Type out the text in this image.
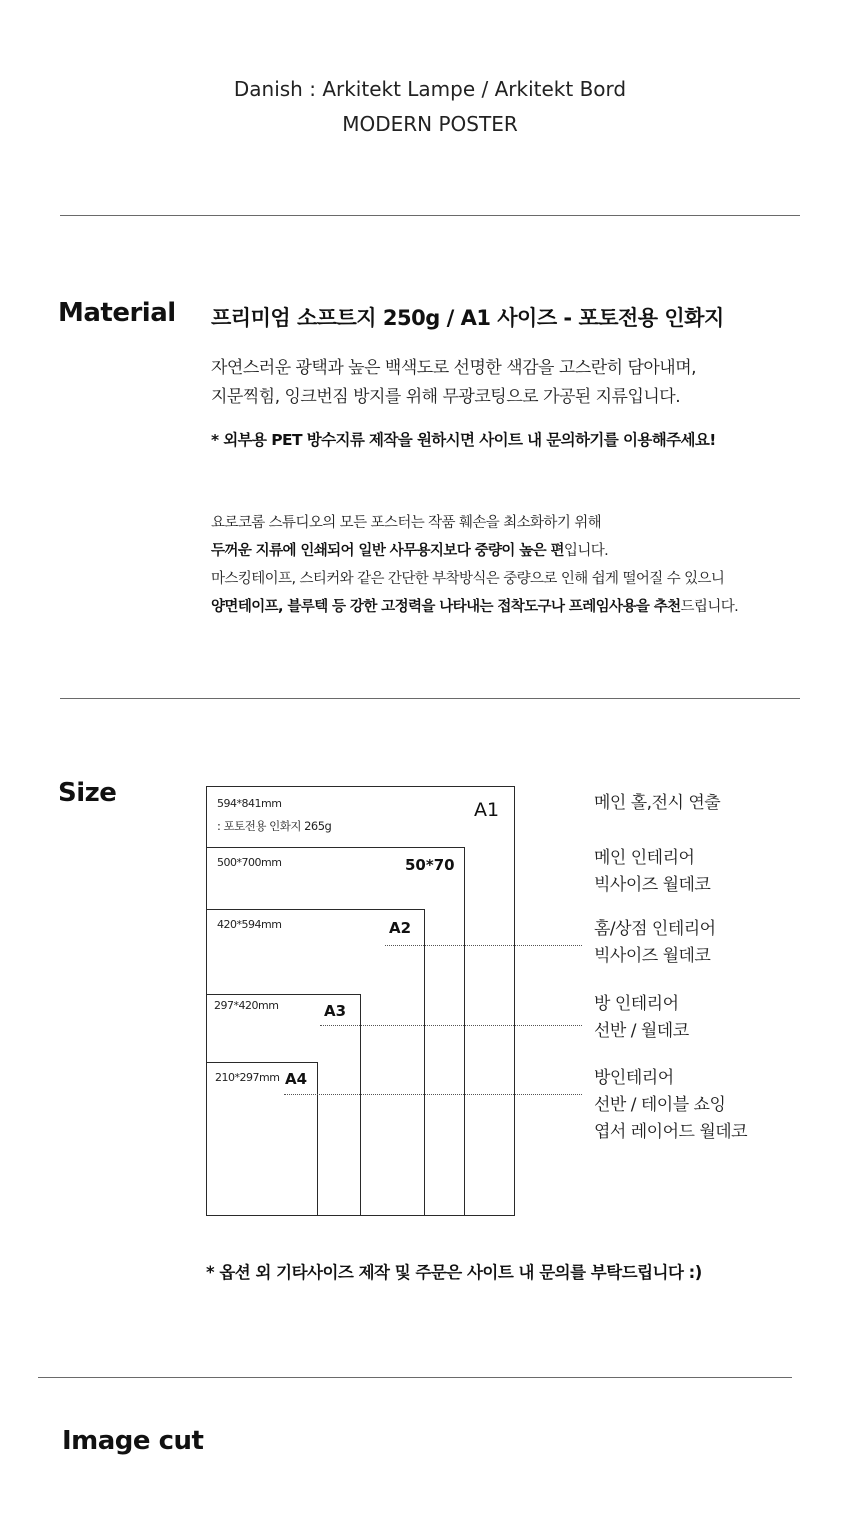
Danish : Arkitekt Lampe / Arkitekt Bord
MODERN POSTER
Material 프리미엄 소프트지 250g / A1 사이즈 - 포토전용 인화지
자연스러운 광택과 높은 백색도로 선명한 색감을 고스란히 담아내며,
지문찍힘, 잉크번짐 방지를 위해 무광코팅으로 가공된 지류입니다.
* 외부용 PET 방수지류 제작을 원하시면 사이트 내 문의하기를 이용해주세요!
요로코롬 스튜디오의 모든 포스터는 작품 훼손을 최소화하기 위해
두꺼운 지류에 인쇄되어 일반 사무용지보다 중량이 높은 편입니다.
마스킹테이프, 스티커와 같은 간단한 부착방식은 중량으로 인해 쉽게 떨어질 수 있으니
양면테이프, 블루텍 등 강한 고정력을 나타내는 접착도구나 프레임사용을 추천드립니다.
Size	594*841mm
: 포토전용 인화지 265g
A1
500*700mm	50*70
420*594mm	A2
297*420mm	A3
210*297mm A4
메인 홀,전시 연출
메인 인테리어
빅사이즈 월데코
홈/상점 인테리어
빅사이즈 월데코
방 인테리어
선반 / 월데코
방인테리어
선반 / 테이블 쇼잉
엽서 레이어드 월데코
* 옵션 외 기타사이즈 제작 및 주문은 사이트 내 문의를 부탁드립니다 :)
Image cut
